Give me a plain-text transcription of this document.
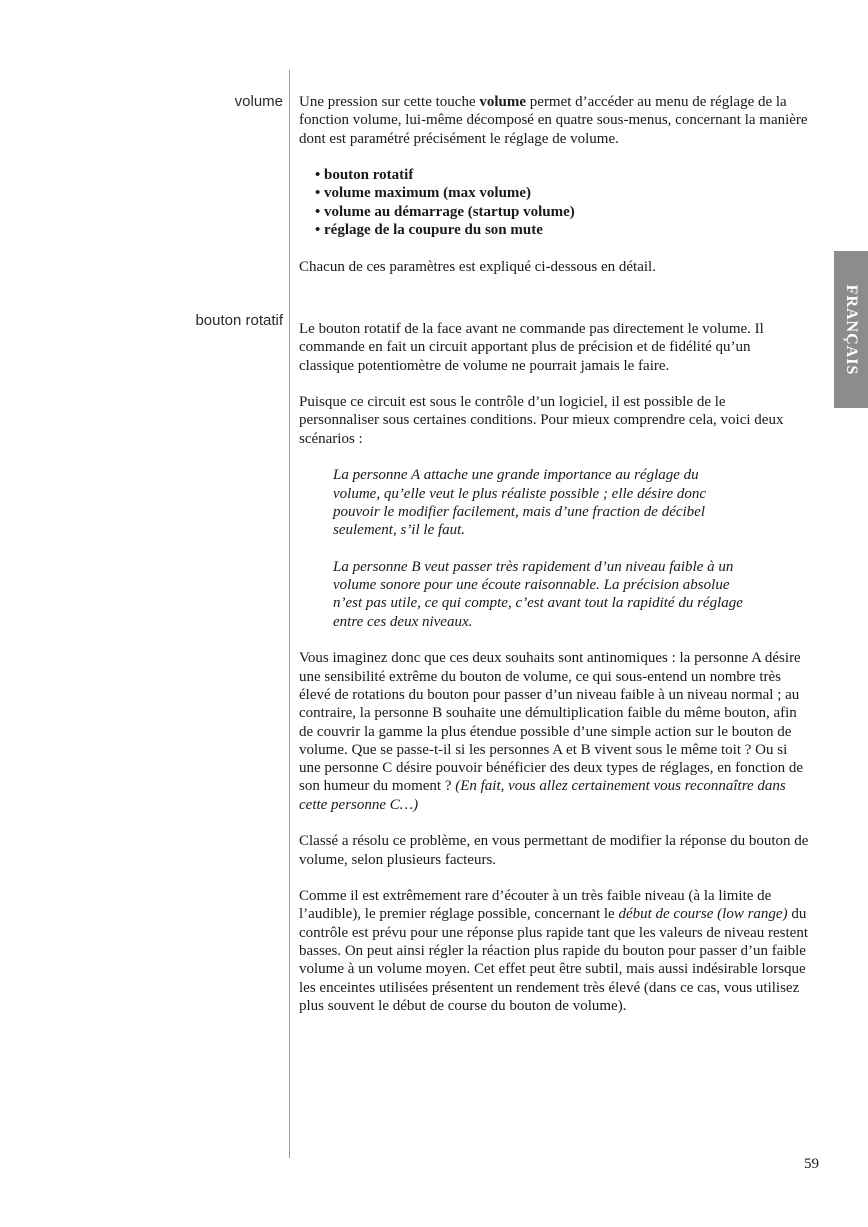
volume
bouton rotatif	FRANÇAIS

Une pression sur cette touche volume permet d’accéder au menu de réglage de la fonction volume, lui-même décomposé en quatre sous-menus, concernant la manière dont est paramétré précisément le réglage de volume.

• bouton rotatif
• volume maximum (max volume)
• volume au démarrage (startup volume)
• réglage de la coupure du son mute

Chacun de ces paramètres est expliqué ci-dessous en détail.

Le bouton rotatif de la face avant ne commande pas directement le volume. Il commande en fait un circuit apportant plus de précision et de fidélité qu’un classique potentiomètre de volume ne pourrait jamais le faire.

Puisque ce circuit est sous le contrôle d’un logiciel, il est possible de le personnaliser sous certaines conditions. Pour mieux comprendre cela, voici deux scénarios :

La personne A attache une grande importance au réglage du volume, qu’elle veut le plus réaliste possible ; elle désire donc pouvoir le modifier facilement, mais d’une fraction de décibel seulement, s’il le faut.

La personne B veut passer très rapidement d’un niveau faible à un volume sonore pour une écoute raisonnable. La précision absolue n’est pas utile, ce qui compte, c’est avant tout la rapidité du réglage entre ces deux niveaux.

Vous imaginez donc que ces deux souhaits sont antinomiques : la personne A désire une sensibilité extrême du bouton de volume, ce qui sous-entend un nombre très élevé de rotations du bouton pour passer d’un niveau faible à un niveau normal ; au contraire, la personne B souhaite une démultiplication faible du même bouton, afin de couvrir la gamme la plus étendue possible d’une simple action sur le bouton de volume. Que se passe-t-il si les personnes A et B vivent sous le même toit ? Ou si une personne C désire pouvoir bénéficier des deux types de réglages, en fonction de son humeur du moment ? (En fait, vous allez certainement vous reconnaître dans cette personne C…)

Classé a résolu ce problème, en vous permettant de modifier la réponse du bouton de volume, selon plusieurs facteurs.

Comme il est extrêmement rare d’écouter à un très faible niveau (à la limite de l’audible), le premier réglage possible, concernant le début de course (low range) du contrôle est prévu pour une réponse plus rapide tant que les valeurs de niveau restent basses. On peut ainsi régler la réaction plus rapide du bouton pour passer d’un faible volume à un volume moyen. Cet effet peut être subtil, mais aussi indésirable lorsque les enceintes utilisées présentent un rendement très élevé (dans ce cas, vous utilisez plus souvent le début de course du bouton de volume).

59
